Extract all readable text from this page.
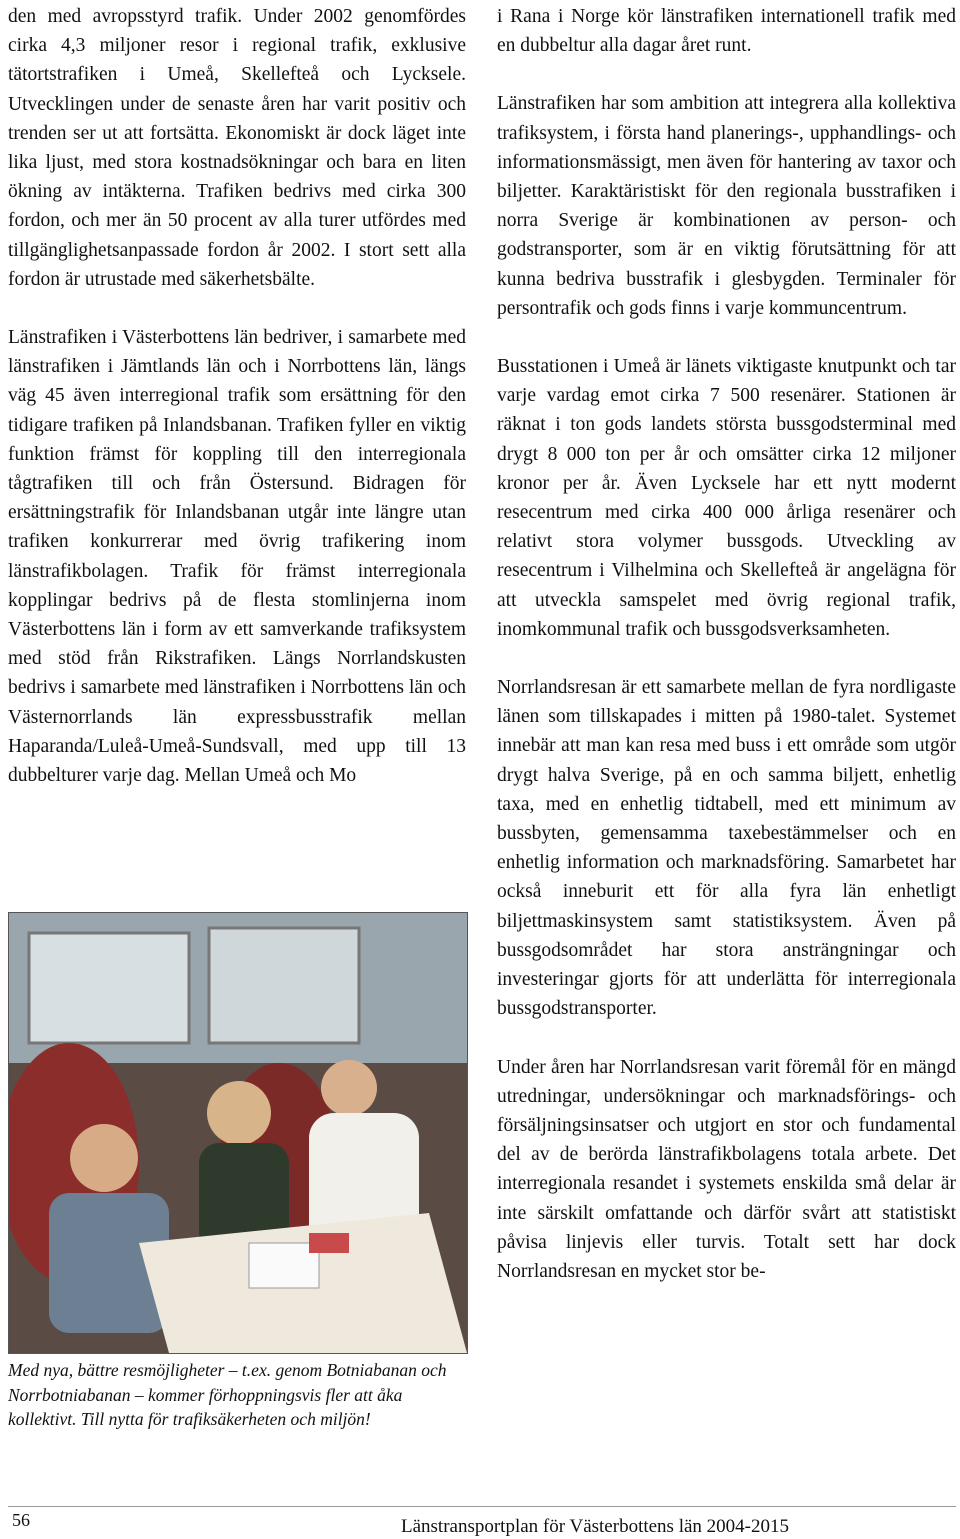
den med avropsstyrd trafik. Under 2002 genomfördes cirka 4,3 miljoner resor i regional trafik, exklusive tätortstrafiken i Umeå, Skellefteå och Lycksele. Utvecklingen under de senaste åren har varit positiv och trenden ser ut att fortsätta. Ekonomiskt är dock läget inte lika ljust, med stora kostnadsökningar och bara en liten ökning av intäkterna. Trafiken bedrivs med cirka 300 fordon, och mer än 50 procent av alla turer utfördes med tillgänglighetsanpassade fordon år 2002. I stort sett alla fordon är utrustade med säkerhetsbälte.

Länstrafiken i Västerbottens län bedriver, i samarbete med länstrafiken i Jämtlands län och i Norrbottens län, längs väg 45 även interregional trafik som ersättning för den tidigare trafiken på Inlandsbanan. Trafiken fyller en viktig funktion främst för koppling till den interregionala tågtrafiken till och från Östersund. Bidragen för ersättningstrafik för Inlandsbanan utgår inte längre utan trafiken konkurrerar med övrig trafikering inom länstrafikbolagen. Trafik för främst interregionala kopplingar bedrivs på de flesta stomlinjerna inom Västerbottens län i form av ett samverkande trafiksystem med stöd från Rikstrafiken. Längs Norrlandskusten bedrivs i samarbete med länstrafiken i Norrbottens län och Västernorrlands län expressbusstrafik mellan Haparanda/Luleå-Umeå-Sundsvall, med upp till 13 dubbelturer varje dag. Mellan Umeå och Mo

Med nya, bättre resmöjligheter – t.ex. genom Botniabanan och Norrbotniabanan – kommer förhoppningsvis fler att åka kollektivt. Till nytta för trafiksäkerheten och miljön!

i Rana i Norge kör länstrafiken internationell trafik med en dubbeltur alla dagar året runt.

Länstrafiken har som ambition att integrera alla kollektiva trafiksystem, i första hand planerings-, upphandlings- och informationsmässigt, men även för hantering av taxor och biljetter. Karaktäristiskt för den regionala busstrafiken i norra Sverige är kombinationen av person- och godstransporter, som är en viktig förutsättning för att kunna bedriva busstrafik i glesbygden. Terminaler för persontrafik och gods finns i varje kommuncentrum.

Busstationen i Umeå är länets viktigaste knutpunkt och tar varje vardag emot cirka 7 500 resenärer. Stationen är räknat i ton gods landets största bussgodsterminal med drygt 8 000 ton per år och omsätter cirka 12 miljoner kronor per år. Även Lycksele har ett nytt modernt resecentrum med cirka 400 000 årliga resenärer och relativt stora volymer bussgods. Utveckling av resecentrum i Vilhelmina och Skellefteå är angelägna för att utveckla samspelet med övrig regional trafik, inomkommunal trafik och bussgodsverksamheten.

Norrlandsresan är ett samarbete mellan de fyra nordligaste länen som tillskapades i mitten på 1980-talet. Systemet innebär att man kan resa med buss i ett område som utgör drygt halva Sverige, på en och samma biljett, enhetlig taxa, med en enhetlig tidtabell, med ett minimum av bussbyten, gemensamma taxebestämmelser och en enhetlig information och marknadsföring. Samarbetet har också inneburit ett för alla fyra län enhetligt biljettmaskinsystem samt statistiksystem. Även på bussgodsområdet har stora ansträngningar och investeringar gjorts för att underlätta för interregionala bussgodstransporter.

Under åren har Norrlandsresan varit föremål för en mängd utredningar, undersökningar och marknadsförings- och försäljningsinsatser och utgjort en stor och fundamental del av de berörda länstrafikbolagens totala arbete. Det interregionala resandet i systemets enskilda små delar är inte särskilt omfattande och därför svårt att statistiskt påvisa linjevis eller turvis. Totalt sett har dock Norrlandsresan en mycket stor be-

56	Länstransportplan för Västerbottens län 2004-2015
